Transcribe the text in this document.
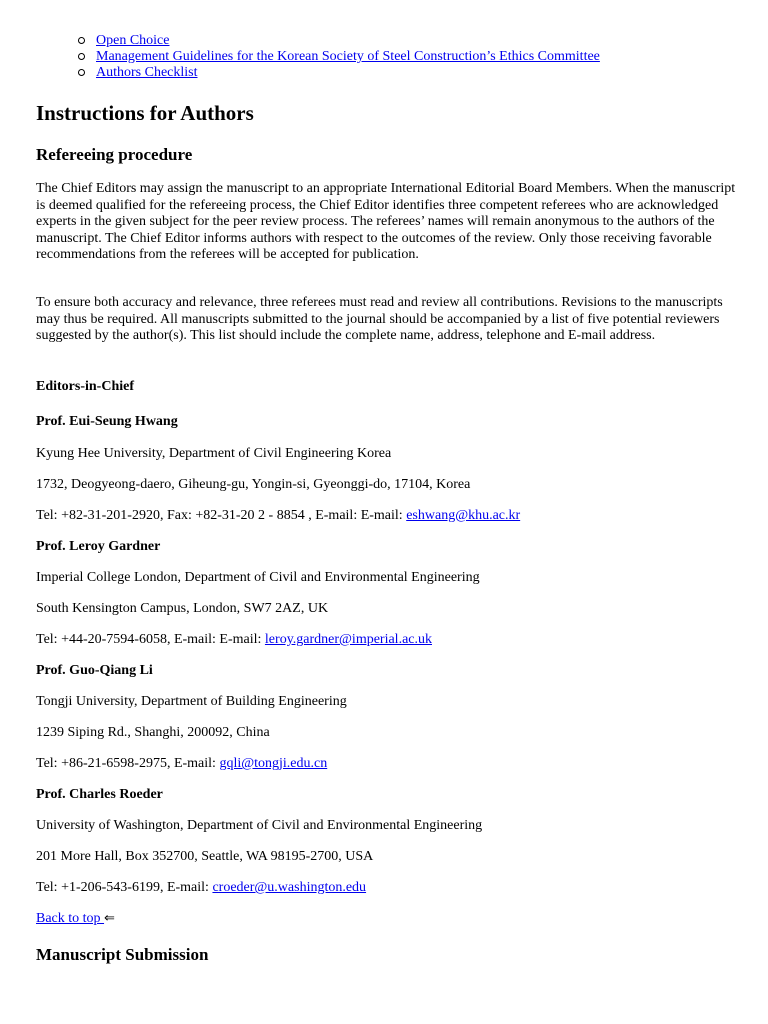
Open Choice
Management Guidelines for the Korean Society of Steel Construction’s Ethics Committee
Authors Checklist
Instructions for Authors
Refereeing procedure

The Chief Editors may assign the manuscript to an appropriate International Editorial Board Members. When the manuscript is deemed qualified for the refereeing process, the Chief Editor identifies three competent referees who are acknowledged experts in the given subject for the peer review process. The referees’ names will remain anonymous to the authors of the manuscript. The Chief Editor informs authors with respect to the outcomes of the review. Only those receiving favorable recommendations from the referees will be accepted for publication.

To ensure both accuracy and relevance, three referees must read and review all contributions. Revisions to the manuscripts may thus be required. All manuscripts submitted to the journal should be accompanied by a list of five potential reviewers suggested by the author(s). This list should include the complete name, address, telephone and E-mail address.

Editors-in-Chief
Prof. Eui-Seung Hwang

Kyung Hee University, Department of Civil Engineering Korea

1732, Deogyeong-daero, Giheung-gu, Yongin-si, Gyeonggi-do, 17104, Korea

Tel: +82-31-201-2920, Fax: +82-31-20 2 - 8854 , E-mail: E-mail: eshwang@khu.ac.kr

Prof. Leroy Gardner

Imperial College London, Department of Civil and Environmental Engineering

South Kensington Campus, London, SW7 2AZ, UK

Tel: +44-20-7594-6058, E-mail: E-mail: leroy.gardner@imperial.ac.uk

Prof. Guo-Qiang Li

Tongji University, Department of Building Engineering

1239 Siping Rd., Shanghi, 200092, China

Tel: +86-21-6598-2975, E-mail: gqli@tongji.edu.cn

Prof. Charles Roeder

University of Washington, Department of Civil and Environmental Engineering

201 More Hall, Box 352700, Seattle, WA 98195-2700, USA

Tel: +1-206-543-6199, E-mail: croeder@u.washington.edu

Back to top ⇐

Manuscript Submission
